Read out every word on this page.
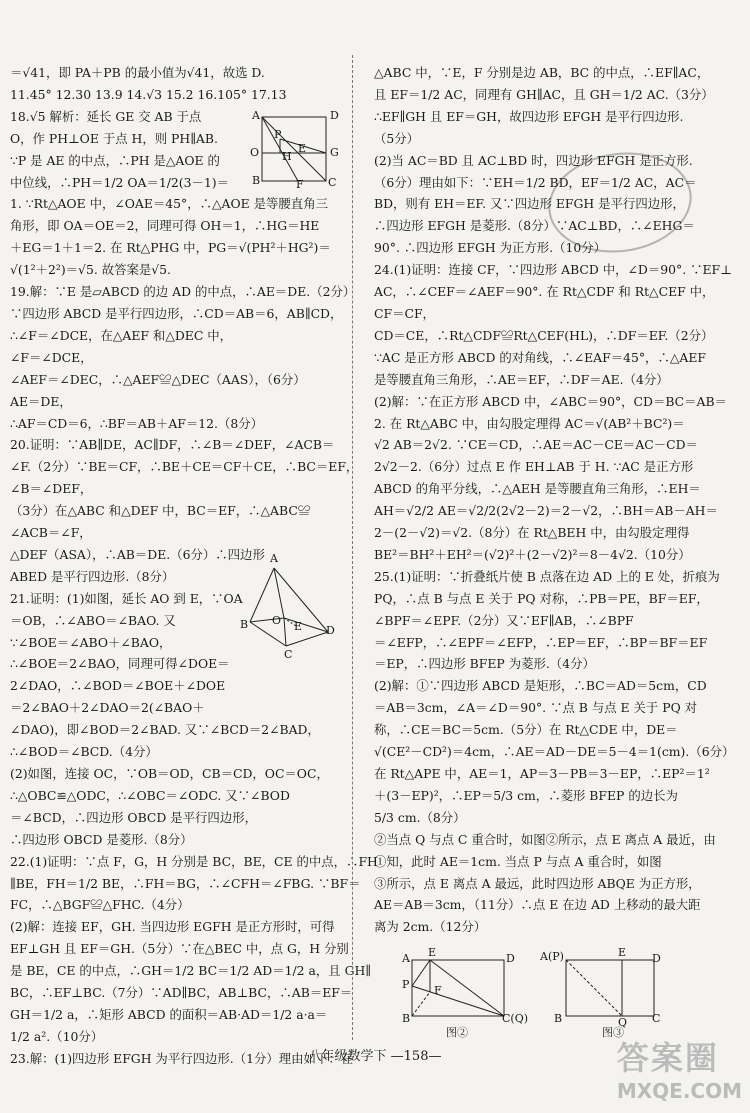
＝√41，即 PA＋PB 的最小值为√41，故选 D.
11.45° 12.30 13.9 14.√3 15.2 16.105° 17.13
18.√5 解析：延长 GE 交 AB 于点
O，作 PH⊥OE 于点 H，则 PH∥AB.
∵P 是 AE 的中点，∴PH 是△AOE 的
中位线，∴PH＝1/2 OA＝1/2(3－1)＝
1. ∵Rt△AOE 中，∠OAE＝45°，∴△AOE 是等腰直角三
角形，即 OA＝OE＝2，同理可得 OH＝1，∴HG＝HE
＋EG＝1＋1＝2. 在 Rt△PHG 中，PG＝√(PH²＋HG²)＝
√(1²＋2²)＝√5. 故答案是√5.
19.解：∵E 是▱ABCD 的边 AD 的中点，∴AE＝DE.（2分）
∵四边形 ABCD 是平行四边形，∴CD＝AB＝6，AB∥CD，
∴∠F＝∠DCE，在△AEF 和△DEC 中，
∠F＝∠DCE，
∠AEF＝∠DEC，∴△AEF≌△DEC（AAS），（6分）
AE＝DE，
∴AF＝CD＝6，∴BF＝AB＋AF＝12.（8分）
20.证明：∵AB∥DE，AC∥DF，∴∠B＝∠DEF，∠ACB＝
∠F.（2分）∵BE＝CF，∴BE＋CE＝CF＋CE，∴BC＝EF，
∠B＝∠DEF，
（3分）在△ABC 和△DEF 中，BC＝EF，∴△ABC≌
∠ACB＝∠F，
△DEF（ASA），∴AB＝DE.（6分）∴四边形
ABED 是平行四边形.（8分）
21.证明：(1)如图，延长 AO 到 E，∵OA
＝OB，∴∠ABO＝∠BAO. 又
∵∠BOE＝∠ABO＋∠BAO，
∴∠BOE＝2∠BAO，同理可得∠DOE＝
2∠DAO，∴∠BOD＝∠BOE＋∠DOE
＝2∠BAO＋2∠DAO＝2(∠BAO＋
∠DAO)，即∠BOD＝2∠BAD. 又∵∠BCD＝2∠BAD，
∴∠BOD＝∠BCD.（4分）
(2)如图，连接 OC，∵OB＝OD，CB＝CD，OC＝OC，
∴△OBC≌△ODC，∴∠OBC＝∠ODC. 又∵∠BOD
＝∠BCD，∴四边形 OBCD 是平行四边形，
∴四边形 OBCD 是菱形.（8分）
22.(1)证明：∵点 F，G，H 分别是 BC，BE，CE 的中点，∴FH
∥BE，FH＝1/2 BE，∴FH＝BG，∴∠CFH＝∠FBG. ∵BF＝
FC，∴△BGF≌△FHC.（4分）
(2)解：连接 EF，GH. 当四边形 EGFH 是正方形时，可得
EF⊥GH 且 EF＝GH.（5分）∵在△BEC 中，点 G，H 分别
是 BE，CE 的中点，∴GH＝1/2 BC＝1/2 AD＝1/2 a，且 GH∥
BC，∴EF⊥BC.（7分）∵AD∥BC，AB⊥BC，∴AB＝EF＝
GH＝1/2 a，∴矩形 ABCD 的面积＝AB·AD＝1/2 a·a＝
1/2 a².（10分）
23.解：(1)四边形 EFGH 为平行四边形.（1分）理由如下：在
△ABC 中，∵E，F 分别是边 AB，BC 的中点，∴EF∥AC，
且 EF＝1/2 AC，同理有 GH∥AC，且 GH＝1/2 AC.（3分）
∴EF∥GH 且 EF＝GH，故四边形 EFGH 是平行四边形.
（5分）
(2)当 AC＝BD 且 AC⊥BD 时，四边形 EFGH 是正方形.
（6分）理由如下：∵EH＝1/2 BD，EF＝1/2 AC，AC＝
BD，则有 EH＝EF. 又∵四边形 EFGH 是平行四边形，
∴四边形 EFGH 是菱形.（8分）∵AC⊥BD，∴∠EHG＝
90°. ∴四边形 EFGH 为正方形.（10分）
24.(1)证明：连接 CF，∵四边形 ABCD 中，∠D＝90°. ∵EF⊥
AC，∴∠CEF＝∠AEF＝90°. 在 Rt△CDF 和 Rt△CEF 中，
CF＝CF，
CD＝CE，∴Rt△CDF≌Rt△CEF(HL)，∴DF＝EF.（2分）
∵AC 是正方形 ABCD 的对角线，∴∠EAF＝45°，∴△AEF
是等腰直角三角形，∴AE＝EF，∴DF＝AE.（4分）
(2)解：∵在正方形 ABCD 中，∠ABC＝90°，CD＝BC＝AB＝
2. 在 Rt△ABC 中，由勾股定理得 AC＝√(AB²＋BC²)＝
√2 AB＝2√2. ∵CE＝CD，∴AE＝AC－CE＝AC－CD＝
2√2－2.（6分）过点 E 作 EH⊥AB 于 H. ∵AC 是正方形
ABCD 的角平分线，∴△AEH 是等腰直角三角形，∴EH＝
AH＝√2/2 AE＝√2/2(2√2－2)＝2－√2，∴BH＝AB－AH＝
2－(2－√2)＝√2.（8分）在 Rt△BEH 中，由勾股定理得
BE²＝BH²＋EH²＝(√2)²＋(2－√2)²＝8－4√2.（10分）
25.(1)证明：∵折叠纸片使 B 点落在边 AD 上的 E 处，折痕为
PQ，∴点 B 与点 E 关于 PQ 对称，∴PB＝PE，BF＝EF，
∠BPF＝∠EPF.（2分）又∵EF∥AB，∴∠BPF
＝∠EFP，∴∠EPF＝∠EFP，∴EP＝EF，∴BP＝BF＝EF
＝EP，∴四边形 BFEP 为菱形.（4分）
(2)解：①∵四边形 ABCD 是矩形，∴BC＝AD＝5cm，CD
＝AB＝3cm，∠A＝∠D＝90°. ∵点 B 与点 E 关于 PQ 对
称，∴CE＝BC＝5cm.（5分）在 Rt△CDE 中，DE＝
√(CE²－CD²)＝4cm，∴AE＝AD－DE＝5－4＝1(cm).（6分）
在 Rt△APE 中，AE＝1，AP＝3－PB＝3－EP，∴EP²＝1²
＋(3－EP)²，∴EP＝5/3 cm，∴菱形 BFEP 的边长为
5/3 cm.（8分）
②当点 Q 与点 C 重合时，如图②所示，点 E 离点 A 最近，由
①知，此时 AE＝1cm. 当点 P 与点 A 重合时，如图
③所示，点 E 离点 A 最远，此时四边形 ABQE 为正方形，
AE＝AB＝3cm，（11分）∴点 E 在边 AD 上移动的最大距
离为 2cm.（12分）
A	D
P
O	E G
B
H
F C
A
O
B	D
E
C
A E	D
P F
B	C(Q)
图②
A(P)	E D
B	Q C
图③
八年级数学下 —158—	答案圈
MXQE.COM
